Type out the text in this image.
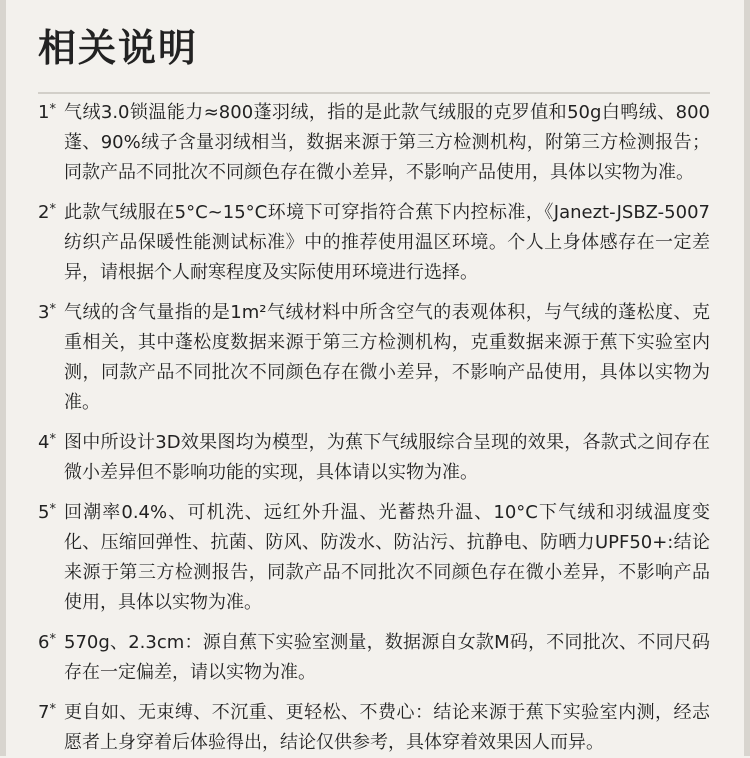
相关说明
1* 气绒3.0锁温能力≈800蓬羽绒，指的是此款气绒服的克罗值和50g白鸭绒、800蓬、90%绒子含量羽绒相当，数据来源于第三方检测机构，附第三方检测报告；同款产品不同批次不同颜色存在微小差异，不影响产品使用，具体以实物为准。
2* 此款气绒服在5°C~15°C环境下可穿指符合蕉下内控标准，《Janezt-JSBZ-5007 纺织产品保暖性能测试标准》中的推荐使用温区环境。个人上身体感存在一定差异，请根据个人耐寒程度及实际使用环境进行选择。
3* 气绒的含气量指的是1m²气绒材料中所含空气的表观体积，与气绒的蓬松度、克重相关，其中蓬松度数据来源于第三方检测机构，克重数据来源于蕉下实验室内测，同款产品不同批次不同颜色存在微小差异，不影响产品使用，具体以实物为准。
4* 图中所设计3D效果图均为模型，为蕉下气绒服综合呈现的效果，各款式之间存在微小差异但不影响功能的实现，具体请以实物为准。
5* 回潮率0.4%、可机洗、远红外升温、光蓄热升温、10°C下气绒和羽绒温度变化、压缩回弹性、抗菌、防风、防泼水、防沾污、抗静电、防晒力UPF50+:结论来源于第三方检测报告，同款产品不同批次不同颜色存在微小差异，不影响产品使用，具体以实物为准。
6* 570g、2.3cm：源自蕉下实验室测量，数据源自女款M码，不同批次、不同尺码存在一定偏差，请以实物为准。
7* 更自如、无束缚、不沉重、更轻松、不费心：结论来源于蕉下实验室内测，经志愿者上身穿着后体验得出，结论仅供参考，具体穿着效果因人而异。
